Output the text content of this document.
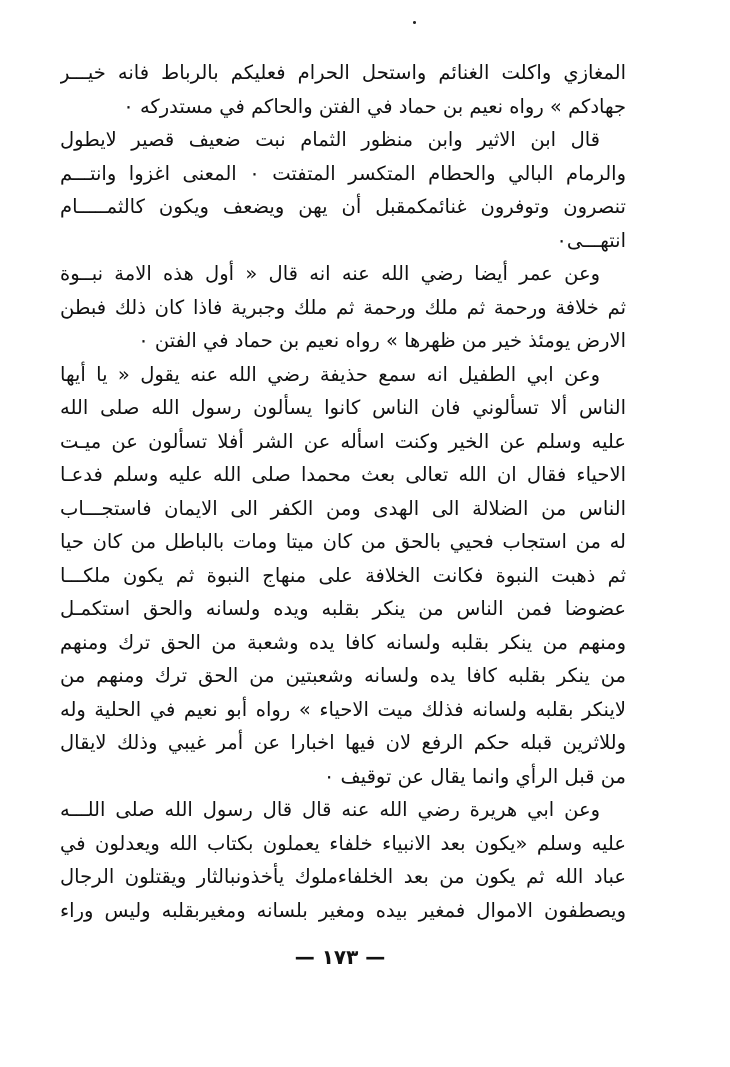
المغازي واكلت الغنائم واستحل الحرام فعليكم بالرباط فانه خيـــر
جهادكم » رواه نعيم بن حماد في الفتن والحاكم في مستدركه ٠
قال ابن الاثير وابن منظور الثمام نبت ضعيف قصير لايطول
والرمام البالي والحطام المتكسر المتفتت ٠ المعنى اغزوا وانتـــم
تنصرون وتوفرون غنائمكمقبل أن يهن ويضعف ويكون كالثمـــــام
انتهـــى٠
وعن عمر أيضا رضي الله عنه انه قال « أول هذه الامة نبــوة
ثم خلافة ورحمة ثم ملك ورحمة ثم ملك وجبرية فاذا كان ذلك فبطن
الارض يومئذ خير من ظهرها » رواه نعيم بن حماد في الفتن ٠
وعن ابي الطفيل انه سمع حذيفة رضي الله عنه يقول « يا أيها
الناس ألا تسألوني فان الناس كانوا يسألون رسول الله صلى الله
عليه وسلم عن الخير وكنت اسأله عن الشر أفلا تسألون عن ميـت
الاحياء فقال ان الله تعالى بعث محمدا صلى الله عليه وسلم فدعـا
الناس من الضلالة الى الهدى ومن الكفر الى الايمان فاستجـــاب
له من استجاب فحيي بالحق من كان ميتا ومات بالباطل من كان حيا
ثم ذهبت النبوة فكانت الخلافة على منهاج النبوة ثم يكون ملكـــا
عضوضا فمن الناس من ينكر بقلبه ويده ولسانه والحق استكمـل
ومنهم من ينكر بقلبه ولسانه كافا يده وشعبة من الحق ترك ومنهم
من ينكر بقلبه كافا يده ولسانه وشعبتين من الحق ترك ومنهم من
لاينكر بقلبه ولسانه فذلك ميت الاحياء » رواه أبو نعيم في الحلية وله
وللاثرين قبله حكم الرفع لان فيها اخبارا عن أمر غيبي وذلك لايقال
من قبل الرأي وانما يقال عن توقيف ٠
وعن ابي هريرة رضي الله عنه قال قال رسول الله صلى اللـــه
عليه وسلم «يكون بعد الانبياء خلفاء يعملون بكتاب الله ويعدلون في
عباد الله ثم يكون من بعد الخلفاءملوك يأخذونبالثار ويقتلون الرجال
ويصطفون الاموال فمغير بيده ومغير بلسانه ومغيربقلبه وليس وراء
— ١٧٣ —
